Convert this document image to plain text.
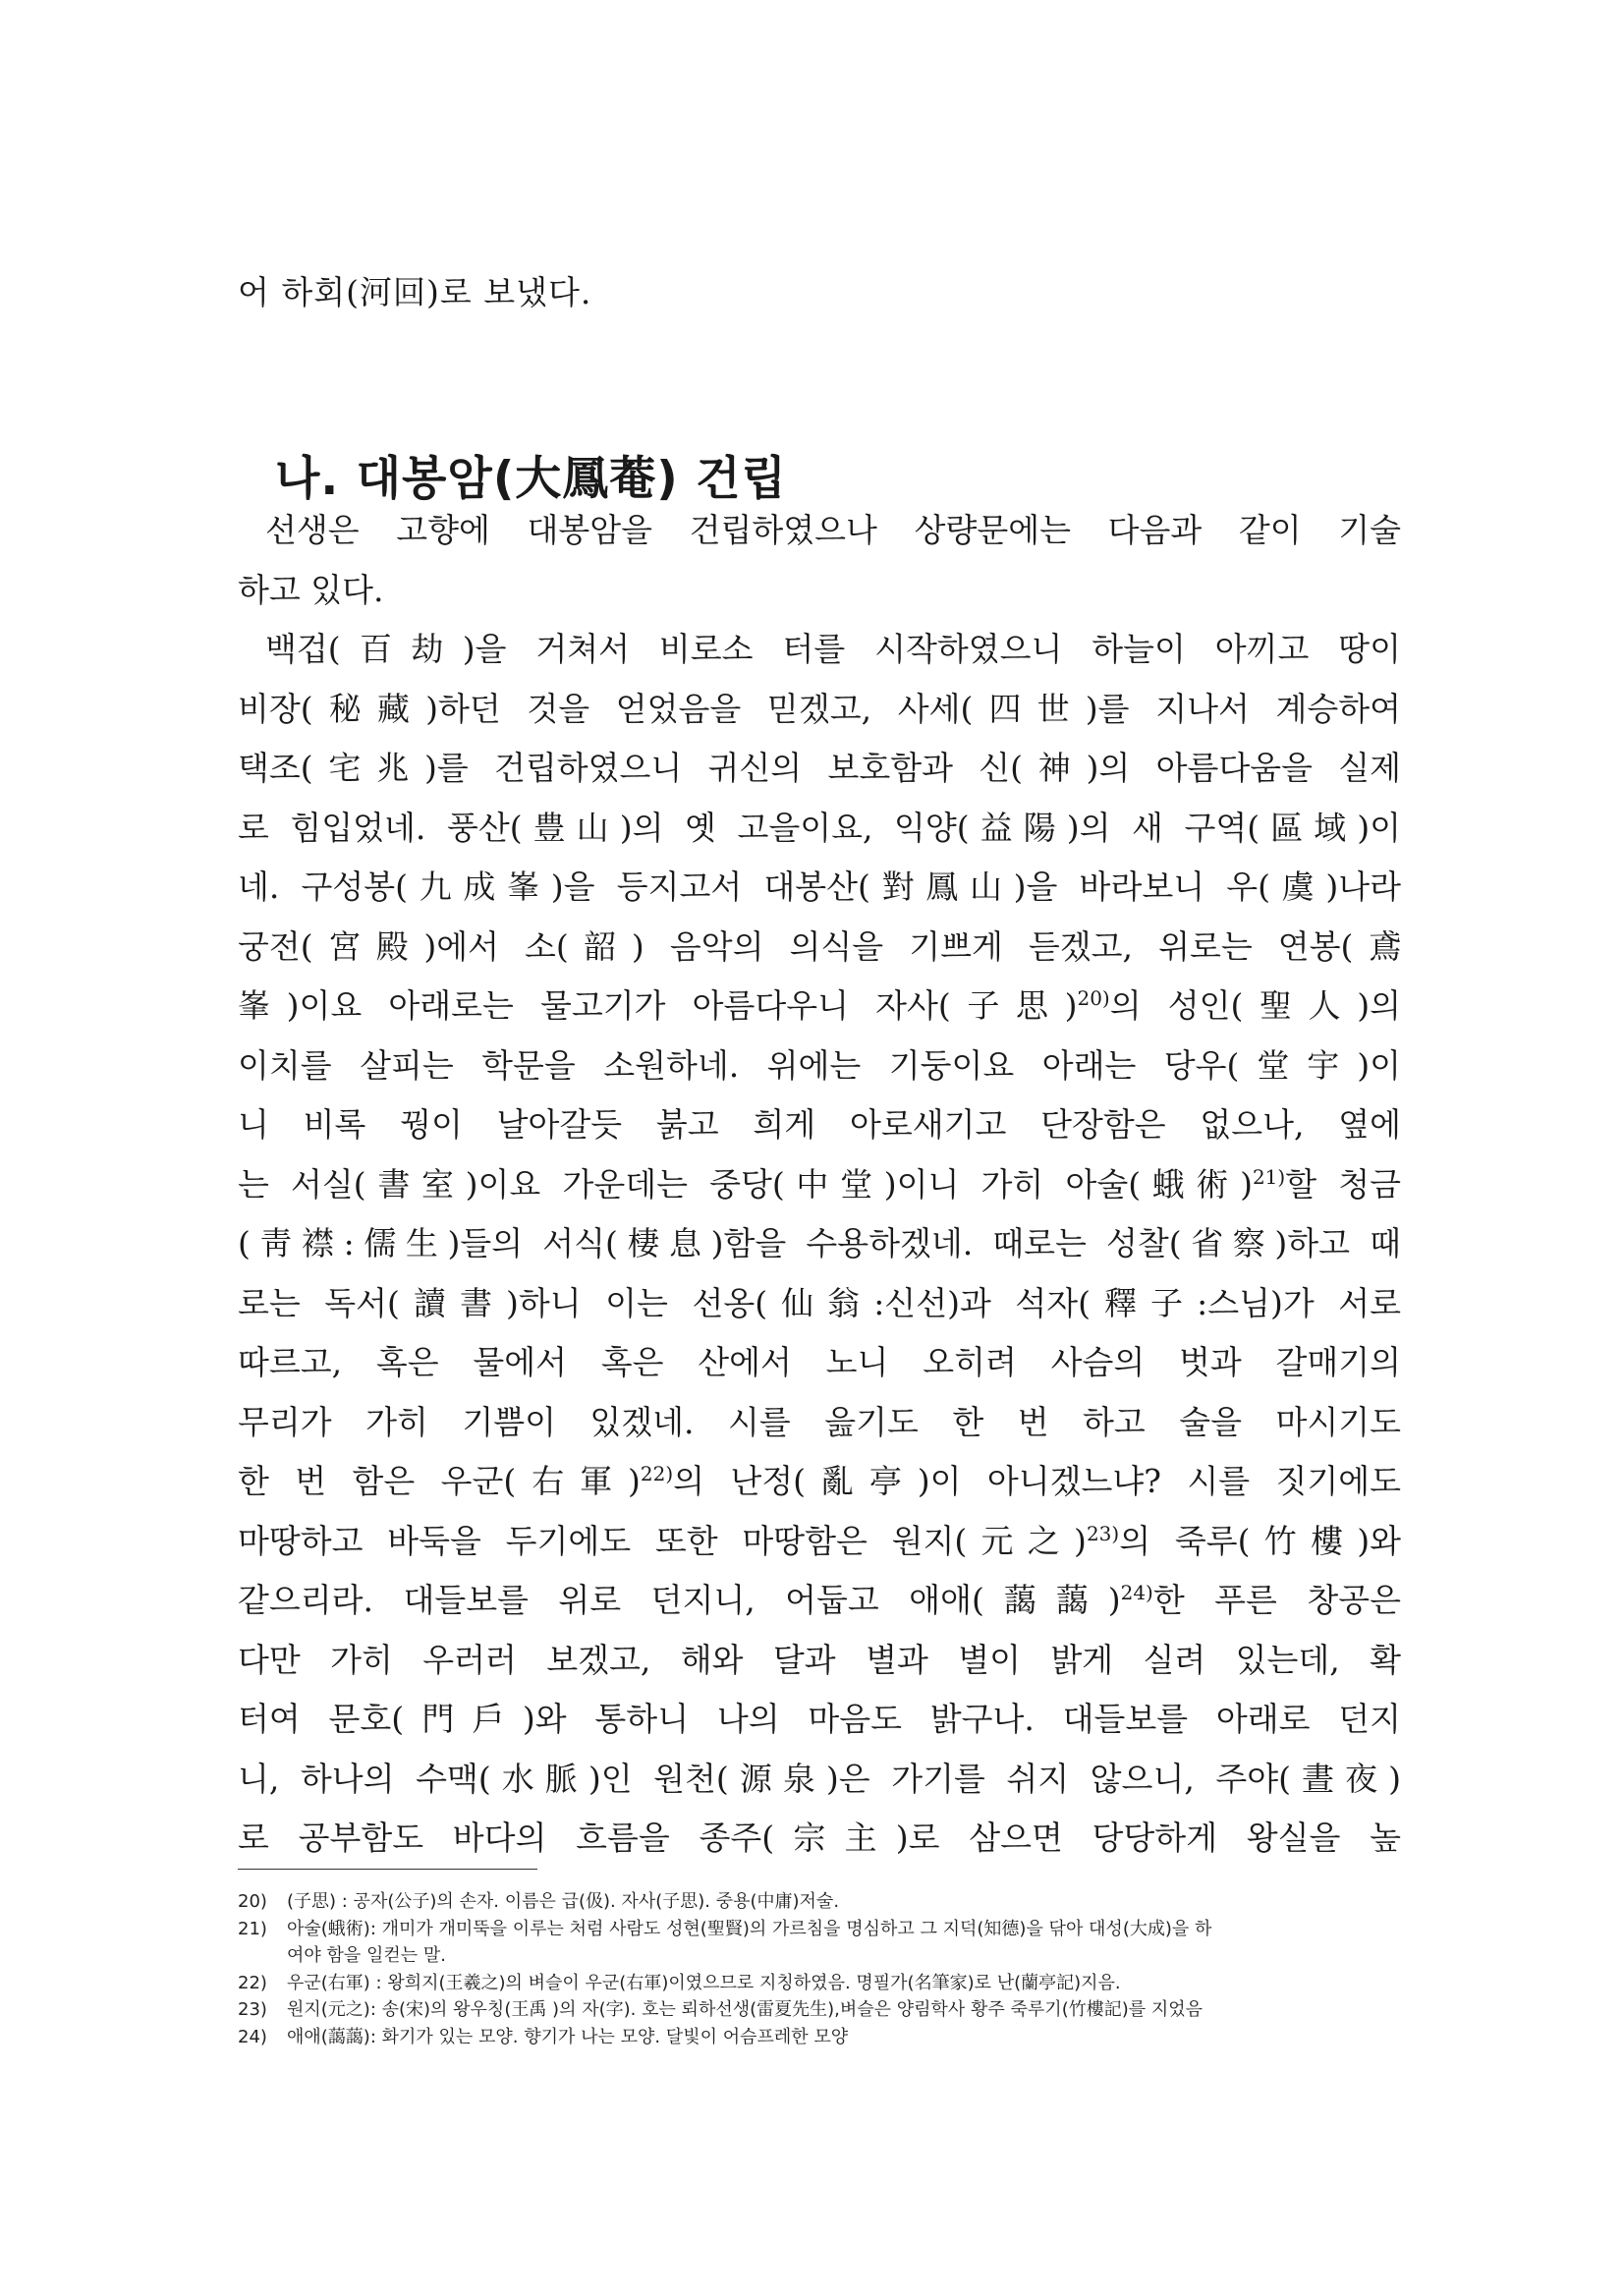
어 하회(河回)로 보냈다.
나. 대봉암(大鳳菴) 건립
선생은 고향에 대봉암을 건립하였으나 상량문에는 다음과 같이 기술
하고 있다.
백겁(百劫)을 거쳐서 비로소 터를 시작하였으니 하늘이 아끼고 땅이
비장(秘藏)하던 것을 얻었음을 믿겠고, 사세(四世)를 지나서 계승하여
택조(宅兆)를 건립하였으니 귀신의 보호함과 신(神)의 아름다움을 실제
로 힘입었네. 풍산(豊山)의 옛 고을이요, 익양(益陽)의 새 구역(區域)이
네. 구성봉(九成峯)을 등지고서 대봉산(對鳳山)을 바라보니 우(虞)나라
궁전(宮殿)에서 소(韶) 음악의 의식을 기쁘게 듣겠고, 위로는 연봉(鳶
峯)이요 아래로는 물고기가 아름다우니 자사(子思)$^{20)}$의 성인(聖人)의
이치를 살피는 학문을 소원하네. 위에는 기둥이요 아래는 당우(堂宇)이
니 비록 꿩이 날아갈듯 붉고 희게 아로새기고 단장함은 없으나, 옆에
는 서실(書室)이요 가운데는 중당(中堂)이니 가히 아술(蛾術)$^{21)}$할 청금
(靑襟:儒生)들의 서식(棲息)함을 수용하겠네. 때로는 성찰(省察)하고 때
로는 독서(讀書)하니 이는 선옹(仙翁:신선)과 석자(釋子:스님)가 서로
따르고, 혹은 물에서 혹은 산에서 노니 오히려 사슴의 벗과 갈매기의
무리가 가히 기쁨이 있겠네. 시를 읊기도 한 번 하고 술을 마시기도
한 번 함은 우군(右軍)$^{22)}$의 난정(亂亭)이 아니겠느냐? 시를 짓기에도
마땅하고 바둑을 두기에도 또한 마땅함은 원지(元之)$^{23)}$의 죽루(竹樓)와
같으리라. 대들보를 위로 던지니, 어둡고 애애(藹藹)$^{24)}$한 푸른 창공은
다만 가히 우러러 보겠고, 해와 달과 별과 별이 밝게 실려 있는데, 확
터여 문호(門戶)와 통하니 나의 마음도 밝구나. 대들보를 아래로 던지
니, 하나의 수맥(水脈)인 원천(源泉)은 가기를 쉬지 않으니, 주야(晝夜)
로 공부함도 바다의 흐름을 종주(宗主)로 삼으면 당당하게 왕실을 높
20)	(子思) : 공자(公子)의 손자. 이름은 급(伋). 자사(子思). 중용(中庸)저술.
21)	아술(蛾術): 개미가 개미뚝을 이루는 처럼 사람도 성현(聖賢)의 가르침을 명심하고 그 지덕(知德)을 닦아 대성(大成)을 하
여야 함을 일컫는 말.
22)	우군(右軍) : 왕희지(王羲之)의 벼슬이 우군(右軍)이였으므로 지칭하였음. 명필가(名筆家)로 난(蘭亭記)지음.
23)	원지(元之): 송(宋)의 왕우칭(王禹 )의 자(字). 호는 뢰하선생(雷夏先生),벼슬은 양림학사 황주 죽루기(竹樓記)를 지었음
24)	애애(藹藹): 화기가 있는 모양. 향기가 나는 모양. 달빛이 어슴프레한 모양
